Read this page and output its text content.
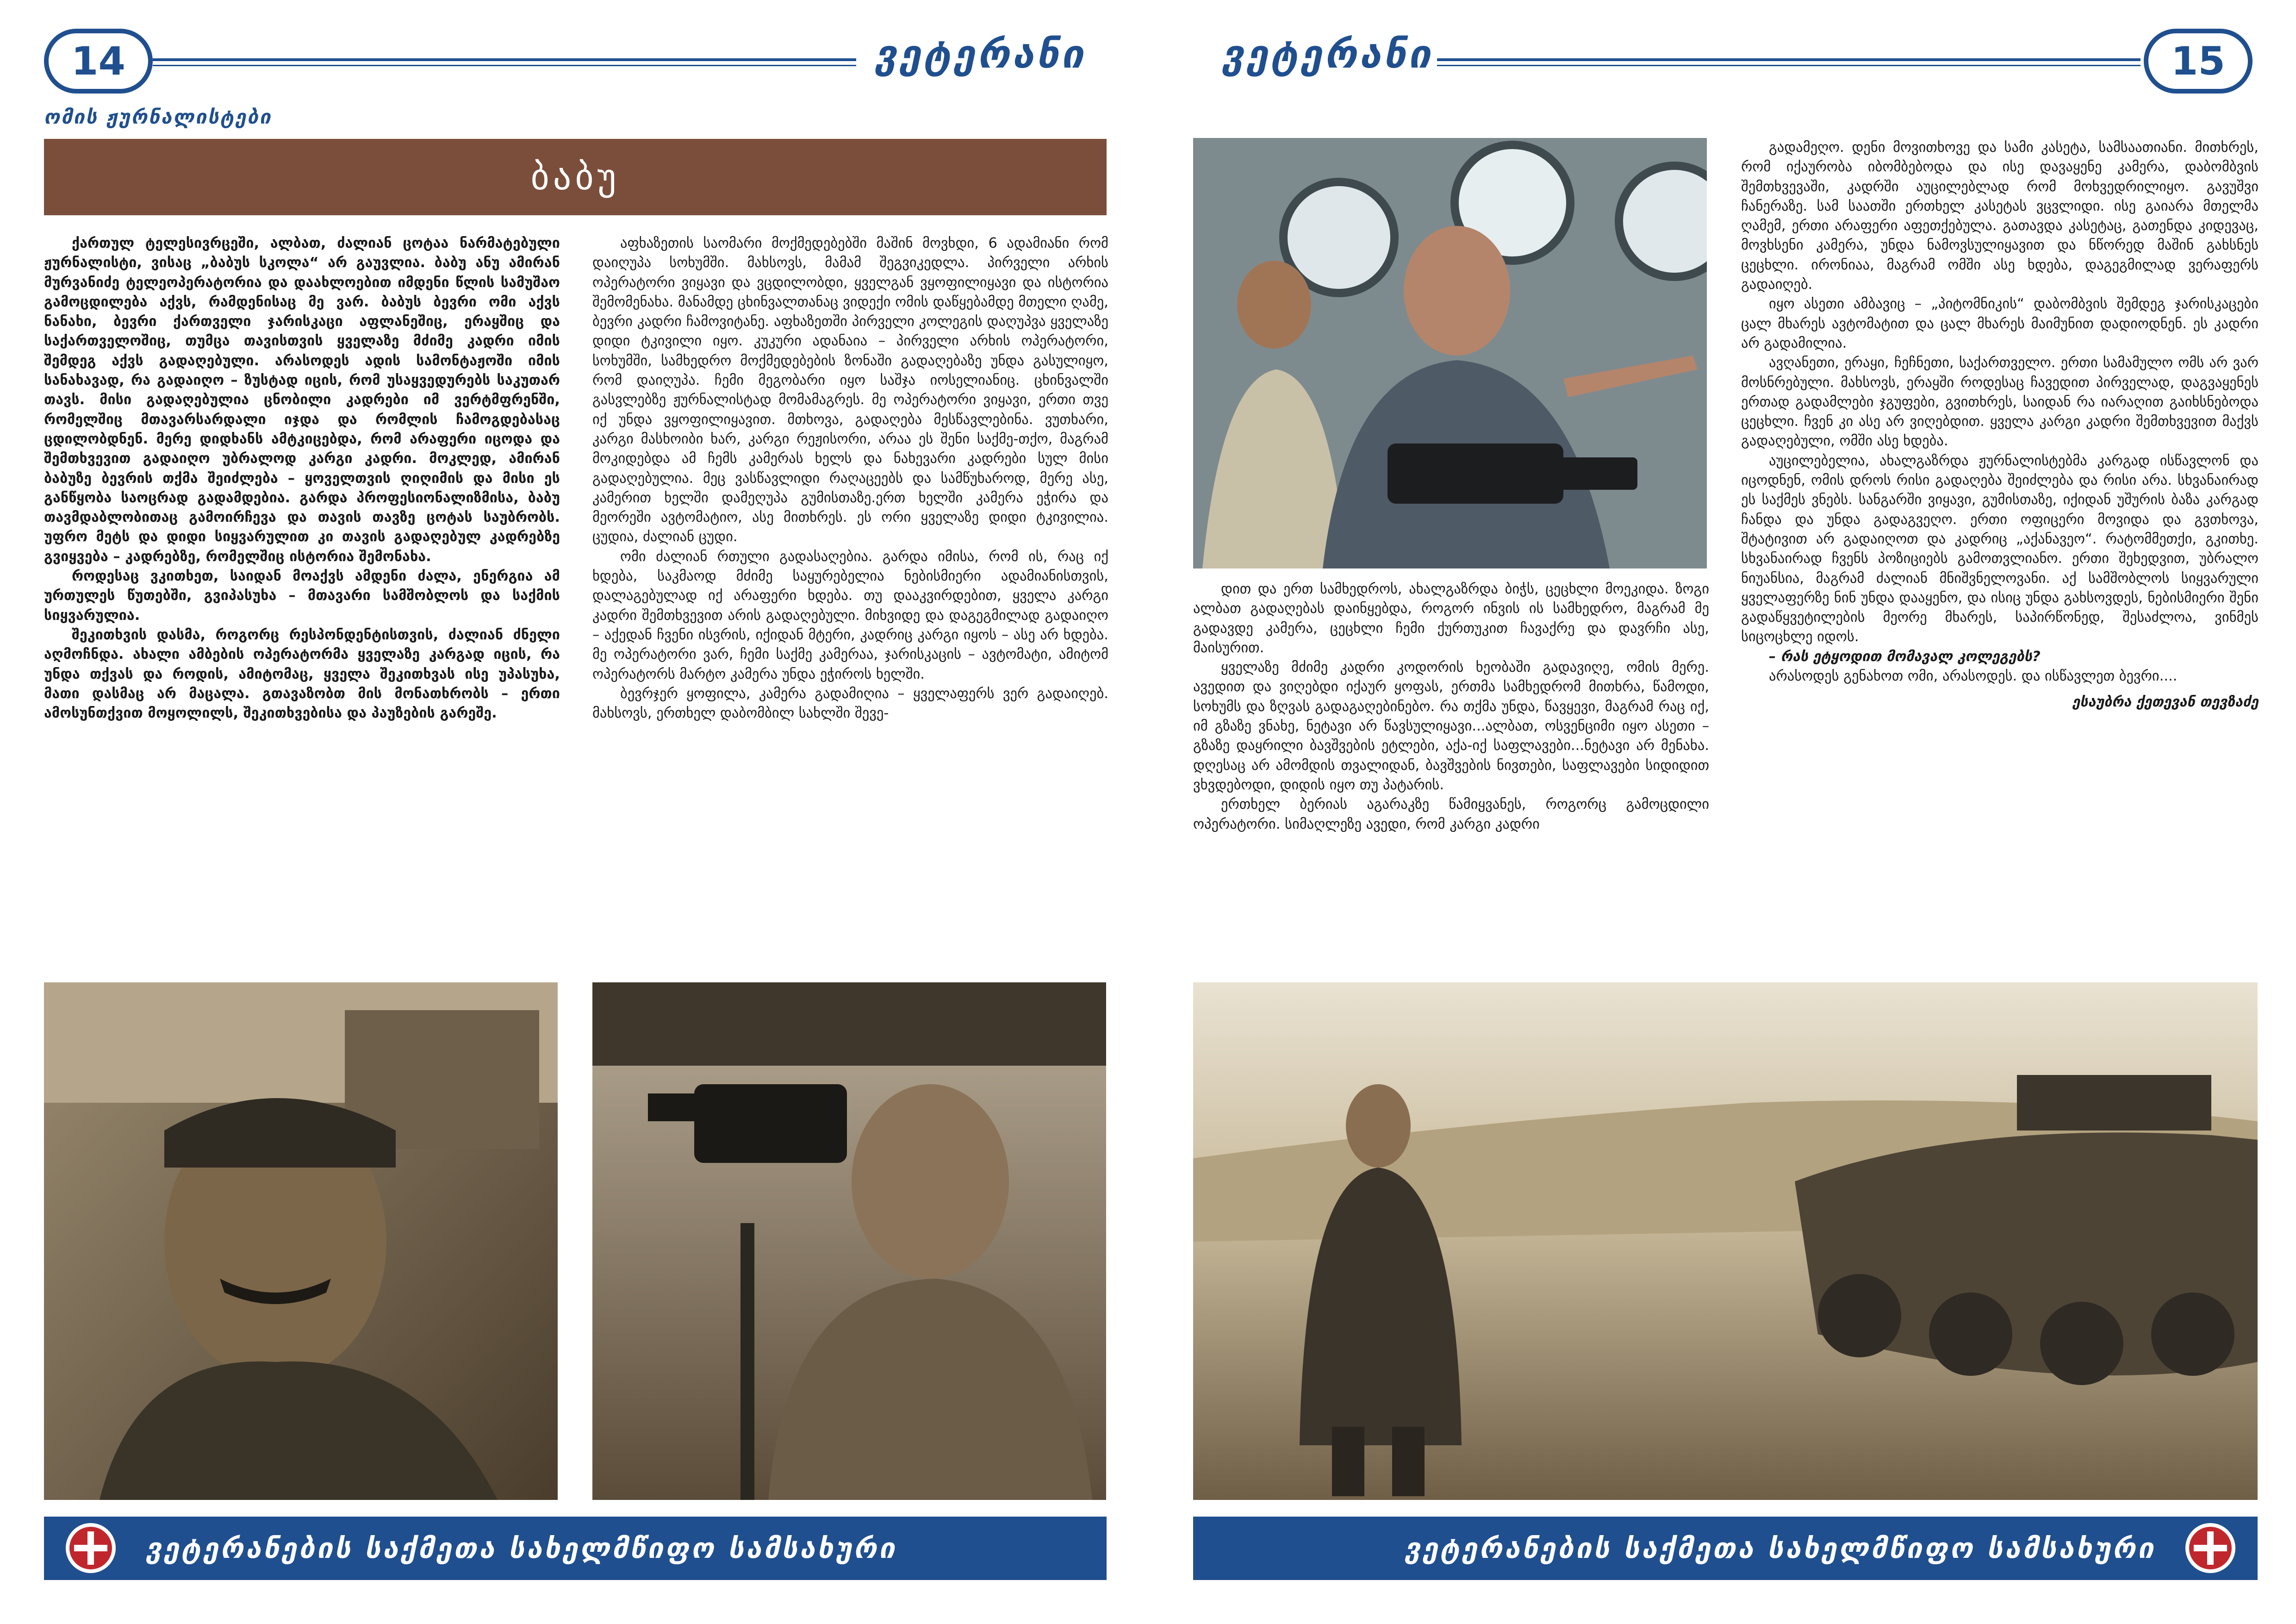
14	ვეტერანი
ომის ჟურნალისტები
ბაბუ

ქართულ ტელესივრცეში, ალბათ, ძალიან ცოტაა ნარმატებული ჟურნალისტი, ვისაც „ბაბუს სკოლა“ არ გაუვლია. ბაბუ ანუ ამირან მურვანიძე ტელეოპერატორია და დაახლოებით იმდენი წლის სამუშაო გამოცდილება აქვს, რამდენისაც მე ვარ. ბაბუს ბევრი ომი აქვს ნანახი, ბევრი ქართველი ჯარისკაცი აფლანეშიც, ერაყშიც და საქართველოშიც, თუმცა თავისთვის ყველაზე მძიმე კადრი იმის შემდეგ აქვს გადაღებული. არასოდეს ადის სამონტაჟოში იმის სანახავად, რა გადაიღო – ზუსტად იცის, რომ უსაყვედურებს საკუთარ თავს. მისი გადაღებულია ცნობილი კადრები იმ ვერტმფრენში, რომელშიც მთავარსარდალი იჯდა და რომლის ჩამოგდებასაც ცდილობდნენ. მერე დიდხანს ამტკიცებდა, რომ არაფერი იცოდა და შემთხვევით გადაიღო უბრალოდ კარგი კადრი. მოკლედ, ამირან ბაბუზე ბევრის თქმა შეიძლება – ყოველთვის ღიღიმის და მისი ეს განწყობა საოცრად გადამდებია. გარდა პროფესიონალიზმისა, ბაბუ თავმდაბლობითაც გამოირჩევა და თავის თავზე ცოტას საუბრობს. უფრო მეტს და დიდი სიყვარულით კი თავის გადაღებულ კადრებზე გვიყვება – კადრებზე, რომელშიც ისტორია შემონახა.

როდესაც ვკითხეთ, საიდან მოაქვს ამდენი ძალა, ენერგია ამ ურთულეს წუთებში, გვიპასუხა – მთავარი სამშობლოს და საქმის სიყვარულია.

შეკითხვის დასმა, როგორც რესპონდენტისთვის, ძალიან ძნელი აღმოჩნდა. ახალი ამბების ოპერატორმა ყველაზე კარგად იცის, რა უნდა თქვას და როდის, ამიტომაც, ყველა შეკითხვას ისე უპასუხა, მათი დასმაც არ მაცალა. გთავაზობთ მის მონათხრობს – ერთი ამოსუნთქვით მოყოლილს, შეკითხვებისა და პაუზების გარეშე.

აფხაზეთის საომარი მოქმედებებში მაშინ მოვხდი, 6 ადამიანი რომ დაიღუპა სოხუმში. მახსოვს, მამამ შეგვიკედლა. პირველი არხის ოპერატორი ვიყავი და ვცდილობდი, ყველგან ვყოფილიყავი და ისტორია შემომენახა. მანამდე ცხინვალთანაც ვიდექი ომის დაწყებამდე მთელი ღამე, ბევრი კადრი ჩამოვიტანე. აფხაზეთში პირველი კოლეგის დაღუპვა ყველაზე დიდი ტკივილი იყო. კუკური ადანაია – პირველი არხის ოპერატორი, სოხუმში, სამხედრო მოქმედებების ზონაში გადაღებაზე უნდა გასულიყო, რომ დაიღუპა. ჩემი მეგობარი იყო საშჯა იოსელიანიც. ცხინვალში გასვლებზე ჟურნალისტად მომამაგრეს. მე ოპერატორი ვიყავი, ერთი თვე იქ უნდა ვყოფილიყავით. მთხოვა, გადაღება მესწავლებინა. ვუთხარი, კარგი მასხოიბი ხარ, კარგი რეჟისორი, არაა ეს შენი საქმე-თქო, მაგრამ მოკიდებდა ამ ჩემს კამერას ხელს და ნახევარი კადრები სულ მისი გადაღებულია. მეც ვასწავლიდი რაღაცეებს და სამწუხაროდ, მერე ასე, კამერით ხელში დამეღუპა გუმისთაზე.ერთ ხელში კამერა ეჭირა და მეორეში ავტომატიო, ასე მითხრეს. ეს ორი ყველაზე დიდი ტკივილია. ცუდია, ძალიან ცუდი.

ომი ძალიან რთული გადასაღებია. გარდა იმისა, რომ ის, რაც იქ ხდება, საკმაოდ მძიმე საყურებელია ნებისმიერი ადამიანისთვის, დალაგებულად იქ არაფერი ხდება. თუ დააკვირდებით, ყველა კარგი კადრი შემთხვევით არის გადაღებული. მიხვიდე და დაგეგმილად გადაიღო – აქედან ჩვენი ისვრის, იქიდან მტერი, კადრიც კარგი იყოს – ასე არ ხდება. მე ოპერატორი ვარ, ჩემი საქმე კამერაა, ჯარისკაცის – ავტომატი, ამიტომ ოპერატორს მარტო კამერა უნდა ეჭიროს ხელში.

ბევრჯერ ყოფილა, კამერა გადამიღია – ყველაფერს ვერ გადაიღებ. მახსოვს, ერთხელ დაბომბილ სახლში შევე-

ვეტერანების საქმეთა სახელმწიფო სამსახური
ვეტერანი	15

დით და ერთ სამხედროს, ახალგაზრდა ბიჭს, ცეცხლი მოეკიდა. ზოგი ალბათ გადაღებას დაინყებდა, როგორ ინვის ის სამხედრო, მაგრამ მე გადავდე კამერა, ცეცხლი ჩემი ქურთუკით ჩავაქრე და დავრჩი ასე, მაისურით.

ყველაზე მძიმე კადრი კოდორის ხეობაში გადავიღე, ომის მერე. ავედით და ვიღებდი იქაურ ყოფას, ერთმა სამხედრომ მითხრა, წამოდი, სოხუმს და ზღვას გადაგაღებინებო. რა თქმა უნდა, წავყევი, მაგრამ რაც იქ, იმ გზაზე ვნახე, ნეტავი არ წავსულიყავი...ალბათ, ოსვენციმი იყო ასეთი – გზაზე დაყრილი ბავშვების ეტლები, აქა-იქ საფლავები...ნეტავი არ მენახა. დღესაც არ ამომდის თვალიდან, ბავშვების ნივთები, საფლავები სიდიდით ვხვდებოდი, დიდის იყო თუ პატარის.

ერთხელ ბერიას აგარაკზე წამიყვანეს, როგორც გამოცდილი ოპერატორი. სიმაღლეზე ავედი, რომ კარგი კადრი

გადამეღო. დენი მოვითხოვე და სამი კასეტა, სამსაათიანი. მითხრეს, რომ იქაურობა იბომბებოდა და ისე დავაყენე კამერა, დაბომბვის შემთხვევაში, კადრში აუცილებლად რომ მოხვედრილიყო. გავუშვი ჩანერაზე. სამ საათში ერთხელ კასეტას ვცვლიდი. ისე გაიარა მთელმა ღამემ, ერთი არაფერი აფეთქებულა. გათავდა კასეტაც, გათენდა კიდევაც, მოვხსენი კამერა, უნდა ნამოვსულიყავით და ნწორედ მაშინ გახსნეს ცეცხლი. ირონიაა, მაგრამ ომში ასე ხდება, დაგეგმილად ვერაფერს გადაიღებ.

იყო ასეთი ამბავიც – „პიტომნიკის“ დაბომბვის შემდეგ ჯარისკაცები ცალ მხარეს ავტომატით და ცალ მხარეს მაიმუნით დადიოდნენ. ეს კადრი არ გადამილია.

ავღანეთი, ერაყი, ჩეჩნეთი, საქართველო. ერთი სამამულო ომს არ ვარ მოსნრებული. მახსოვს, ერაყში როდესაც ჩავედით პირველად, დაგვაყენეს ერთად გადამლები ჯგუფები, გვითხრეს, საიდან რა იარაღით გაიხსნებოდა ცეცხლი. ჩვენ კი ასე არ ვიღებდით. ყველა კარგი კადრი შემთხვევით მაქვს გადაღებული, ომში ასე ხდება.

აუცილებელია, ახალგაზრდა ჟურნალისტებმა კარგად ისწავლონ და იცოდნენ, ომის დროს რისი გადაღება შეიძლება და რისი არა. სხვანაირად ეს საქმეს ვნებს. სანგარში ვიყავი, გუმისთაზე, იქიდან უშურის ბაზა კარგად ჩანდა და უნდა გადაგვეღო. ერთი ოფიცერი მოვიდა და გვთხოვა, შტატივით არ გადაიღოთ და კადრიც „აქანავეო“. რატომმეთქი, გკითხე. სხვანაირად ჩვენს პოზიციებს გამოთვლიანო. ერთი შეხედვით, უბრალო ნიუანსია, მაგრამ ძალიან მნიშვნელოვანი. აქ სამშობლოს სიყვარული ყველაფერზე ნინ უნდა დააყენო, და ისიც უნდა გახსოვდეს, ნებისმიერი შენი გადაწყვეტილების მეორე მხარეს, საპირწონედ, შესაძლოა, ვინმეს სიცოცხლე იდოს.

– რას ეტყოდით მომავალ კოლეგებს?

არასოდეს გენახოთ ომი, არასოდეს. და ისწავლეთ ბევრი....

ესაუბრა ქეთევან თევზაძე

ვეტერანების საქმეთა სახელმწიფო სამსახური
